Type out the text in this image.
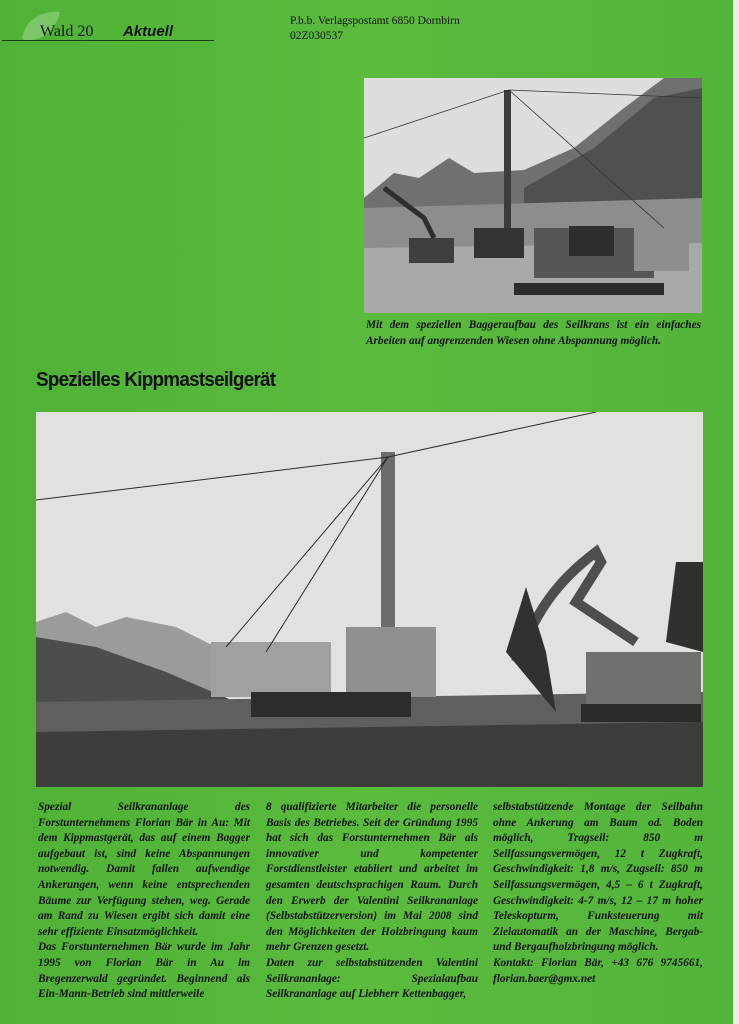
Wald 20 Aktuell
P.b.b. Verlagspostamt 6850 Dornbirn
02Z030537
Mit dem speziellen Baggeraufbau des Seilkrans ist ein einfaches Arbeiten auf angrenzenden Wiesen ohne Abspannung möglich.
Spezielles Kippmastseilgerät

Spezial Seilkrananlage des Forstunternehmens Florian Bär in Au: Mit dem Kippmastgerät, das auf einem Bagger aufgebaut ist, sind keine Abspannungen notwendig. Damit fallen aufwendige Ankerungen, wenn keine entsprechenden Bäume zur Verfügung stehen, weg. Gerade am Rand zu Wiesen ergibt sich damit eine sehr effiziente Einsatzmöglichkeit.

Das Forstunternehmen Bär wurde im Jahr 1995 von Florian Bär in Au im Bregenzerwald gegründet. Beginnend als Ein-Mann-Betrieb sind mittlerweile

8 qualifizierte Mitarbeiter die personelle Basis des Betriebes. Seit der Gründung 1995 hat sich das Forstunternehmen Bär als innovativer und kompetenter Forstdienstleister etabliert und arbeitet im gesamten deutschsprachigen Raum. Durch den Erwerb der Valentini Seilkrananlage (Selbstabstützerversion) im Mai 2008 sind den Möglichkeiten der Holzbringung kaum mehr Grenzen gesetzt.

Daten zur selbstabstützenden Valentini Seilkrananlage: Spezialaufbau Seilkrananlage auf Liebherr Kettenbagger,

selbstabstützende Montage der Seilbahn ohne Ankerung am Baum od. Boden möglich, Tragseil: 850 m Seilfassungsvermögen, 12 t Zugkraft, Geschwindigkeit: 1,8 m/s, Zugseil: 850 m Seilfassungsvermögen, 4,5 – 6 t Zugkraft, Geschwindigkeit: 4-7 m/s, 12 – 17 m hoher Teleskopturm, Funksteuerung mit Zielautomatik an der Maschine, Bergab- und Bergaufholzbringung möglich.

Kontakt: Florian Bär, +43 676 9745661, florian.baer@gmx.net
